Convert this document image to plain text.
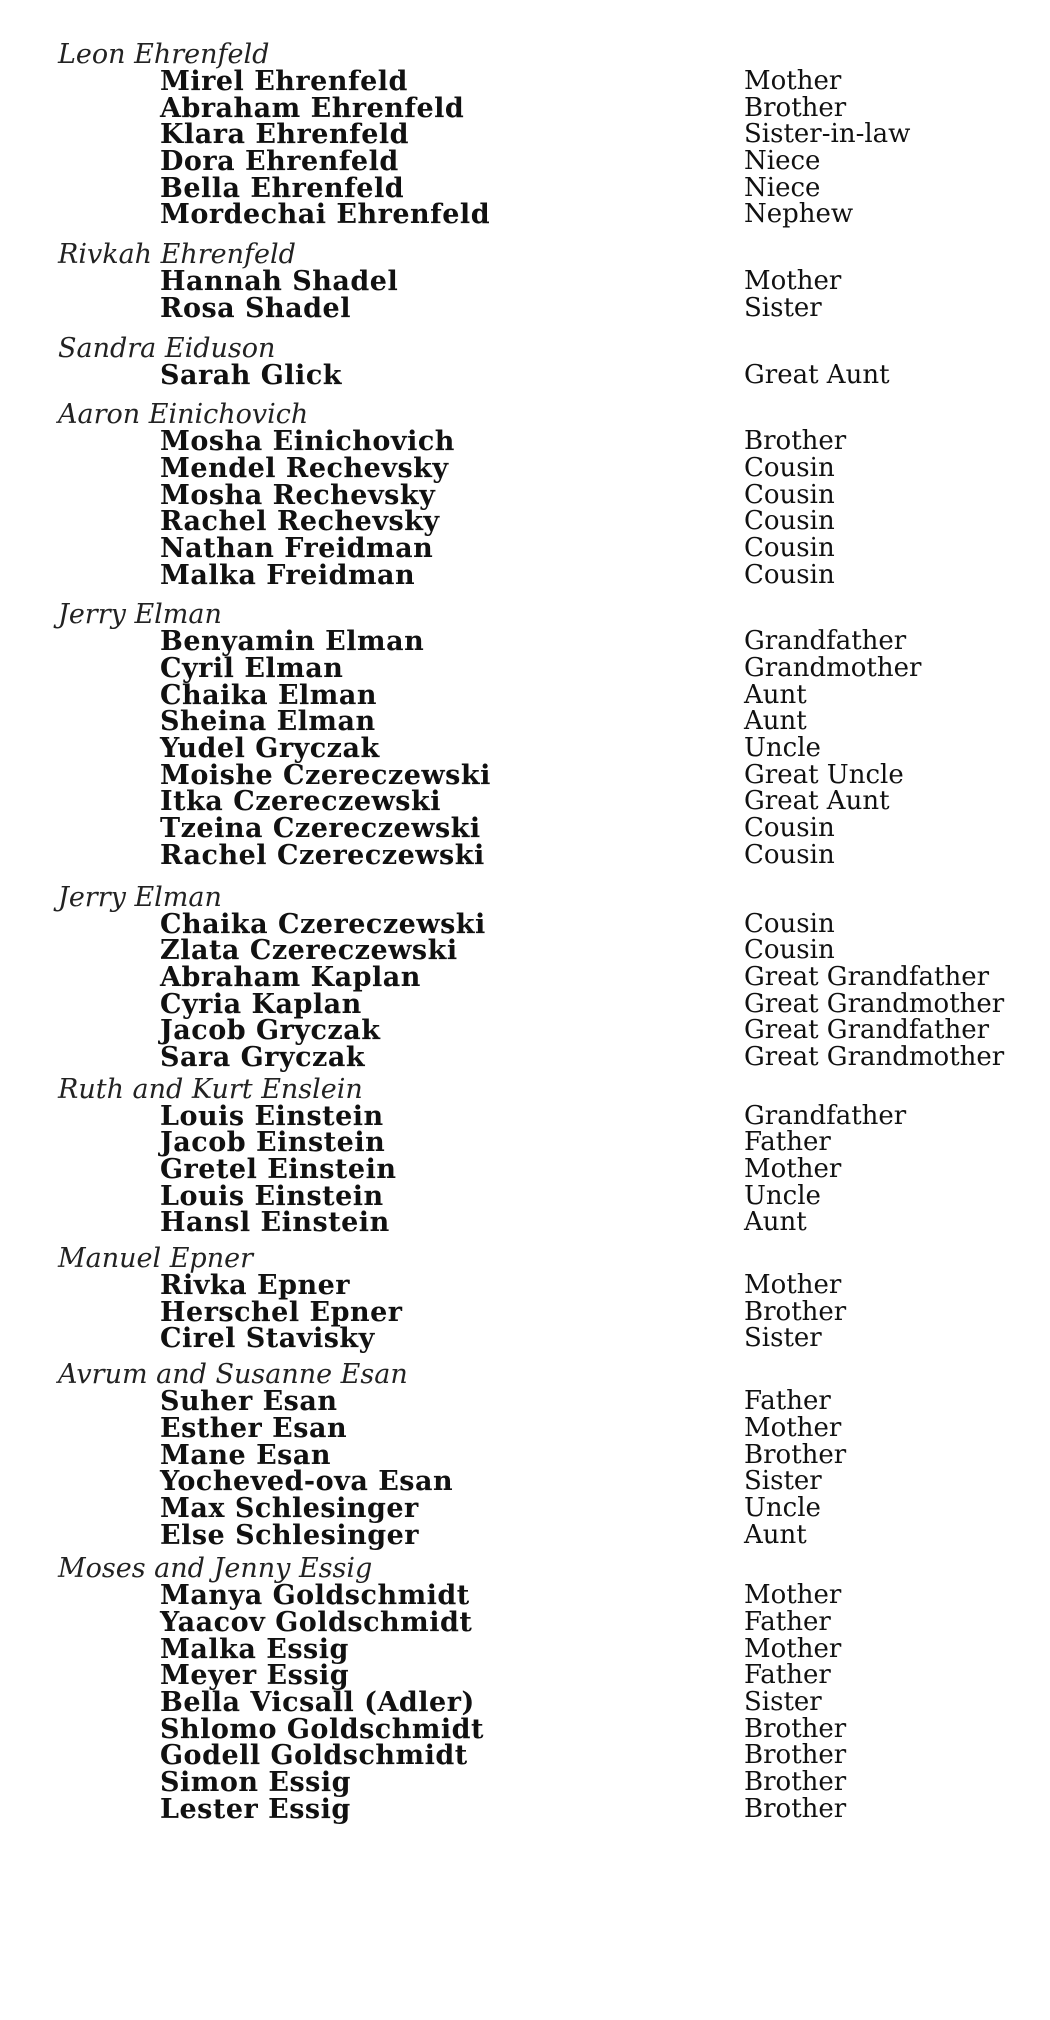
Leon Ehrenfeld
Mirel Ehrenfeld	Mother
Abraham Ehrenfeld	Brother
Klara Ehrenfeld	Sister-in-law
Dora Ehrenfeld	Niece
Bella Ehrenfeld	Niece
Mordechai Ehrenfeld	Nephew
Rivkah Ehrenfeld
Hannah Shadel	Mother
Rosa Shadel	Sister
Sandra Eiduson
Sarah Glick	Great Aunt
Aaron Einichovich
Mosha Einichovich	Brother
Mendel Rechevsky	Cousin
Mosha Rechevsky	Cousin
Rachel Rechevsky	Cousin
Nathan Freidman	Cousin
Malka Freidman	Cousin
Jerry Elman
Benyamin Elman	Grandfather
Cyril Elman	Grandmother
Chaika Elman	Aunt
Sheina Elman	Aunt
Yudel Gryczak	Uncle
Moishe Czereczewski	Great Uncle
Itka Czereczewski	Great Aunt
Tzeina Czereczewski	Cousin
Rachel Czereczewski	Cousin
Jerry Elman
Chaika Czereczewski	Cousin
Zlata Czereczewski	Cousin
Abraham Kaplan	Great Grandfather
Cyria Kaplan	Great Grandmother
Jacob Gryczak	Great Grandfather
Sara Gryczak	Great Grandmother
Ruth and Kurt Enslein
Louis Einstein	Grandfather
Jacob Einstein	Father
Gretel Einstein	Mother
Louis Einstein	Uncle
Hansl Einstein	Aunt
Manuel Epner
Rivka Epner	Mother
Herschel Epner	Brother
Cirel Stavisky	Sister
Avrum and Susanne Esan
Suher Esan	Father
Esther Esan	Mother
Mane Esan	Brother
Yocheved-ova Esan	Sister
Max Schlesinger	Uncle
Else Schlesinger	Aunt
Moses and Jenny Essig
Manya Goldschmidt	Mother
Yaacov Goldschmidt	Father
Malka Essig	Mother
Meyer Essig	Father
Bella Vicsall (Adler)	Sister
Shlomo Goldschmidt	Brother
Godell Goldschmidt	Brother
Simon Essig	Brother
Lester Essig	Brother
